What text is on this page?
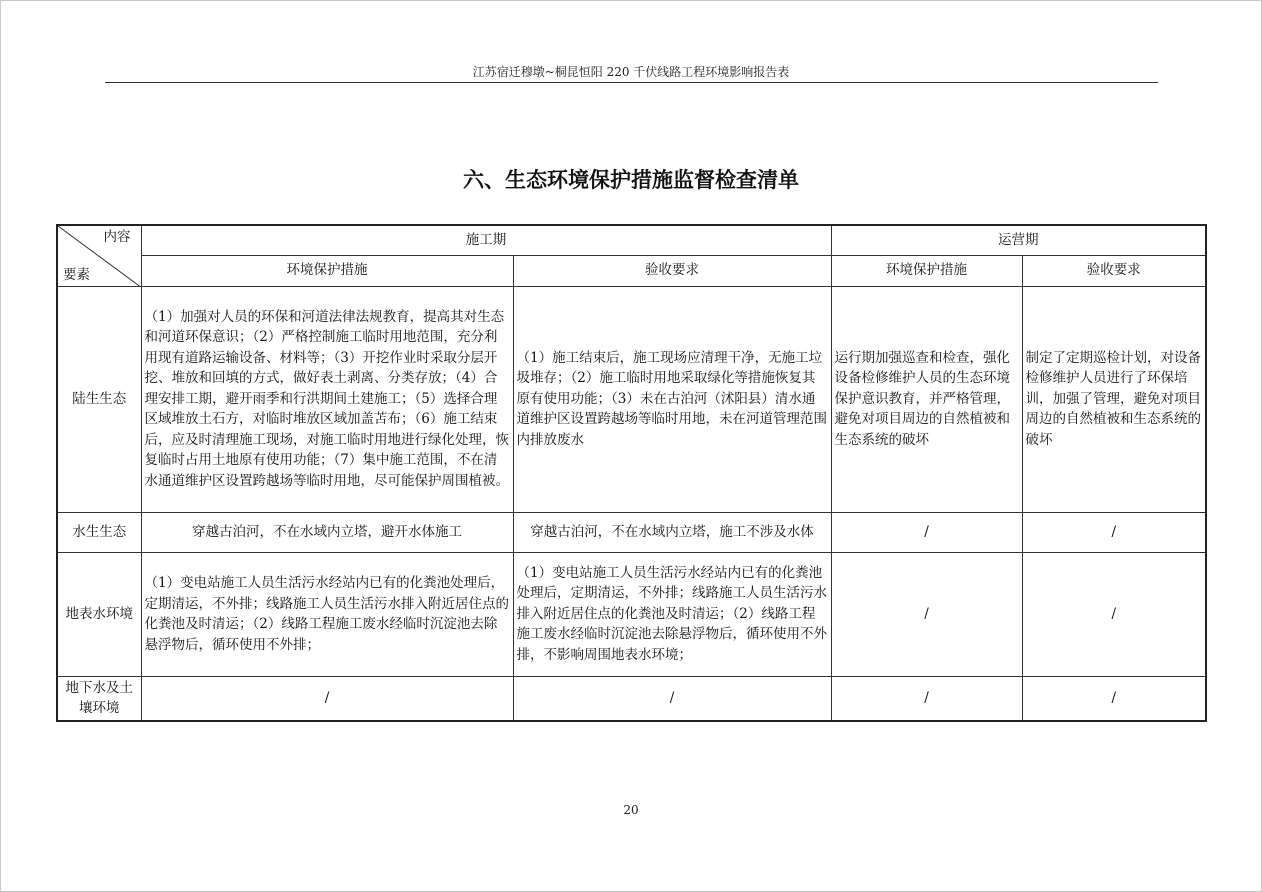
江苏宿迁穆墩~桐昆恒阳 220 千伏线路工程环境影响报告表
六、生态环境保护措施监督检查清单
内容
要素	施工期		运营期	
	环境保护措施	验收要求	环境保护措施	验收要求
陆生生态	（1）加强对人员的环保和河道法律法规教育，提高其对生态和河道环保意识；（2）严格控制施工临时用地范围，充分利用现有道路运输设备、材料等；（3）开挖作业时采取分层开挖、堆放和回填的方式，做好表土剥离、分类存放；（4）合理安排工期，避开雨季和行洪期间土建施工；（5）选择合理区域堆放土石方，对临时堆放区域加盖苫布；（6）施工结束后，应及时清理施工现场，对施工临时用地进行绿化处理，恢复临时占用土地原有使用功能；（7）集中施工范围，不在清水通道维护区设置跨越场等临时用地，尽可能保护周围植被。	（1）施工结束后，施工现场应清理干净，无施工垃圾堆存；（2）施工临时用地采取绿化等措施恢复其原有使用功能；（3）未在古泊河（沭阳县）清水通道维护区设置跨越场等临时用地，未在河道管理范围内排放废水	运行期加强巡查和检查，强化设备检修维护人员的生态环境保护意识教育，并严格管理，避免对项目周边的自然植被和生态系统的破坏	制定了定期巡检计划，对设备检修维护人员进行了环保培训，加强了管理，避免对项目周边的自然植被和生态系统的破坏
水生生态	穿越古泊河，不在水域内立塔，避开水体施工	穿越古泊河，不在水域内立塔，施工不涉及水体	/	/
地表水环境	（1）变电站施工人员生活污水经站内已有的化粪池处理后，定期清运，不外排；线路施工人员生活污水排入附近居住点的化粪池及时清运；（2）线路工程施工废水经临时沉淀池去除悬浮物后，循环使用不外排；	（1）变电站施工人员生活污水经站内已有的化粪池处理后，定期清运，不外排；线路施工人员生活污水排入附近居住点的化粪池及时清运；（2）线路工程施工废水经临时沉淀池去除悬浮物后，循环使用不外排，不影响周围地表水环境；	/	/
地下水及土壤环境	/	/	/	/
20
